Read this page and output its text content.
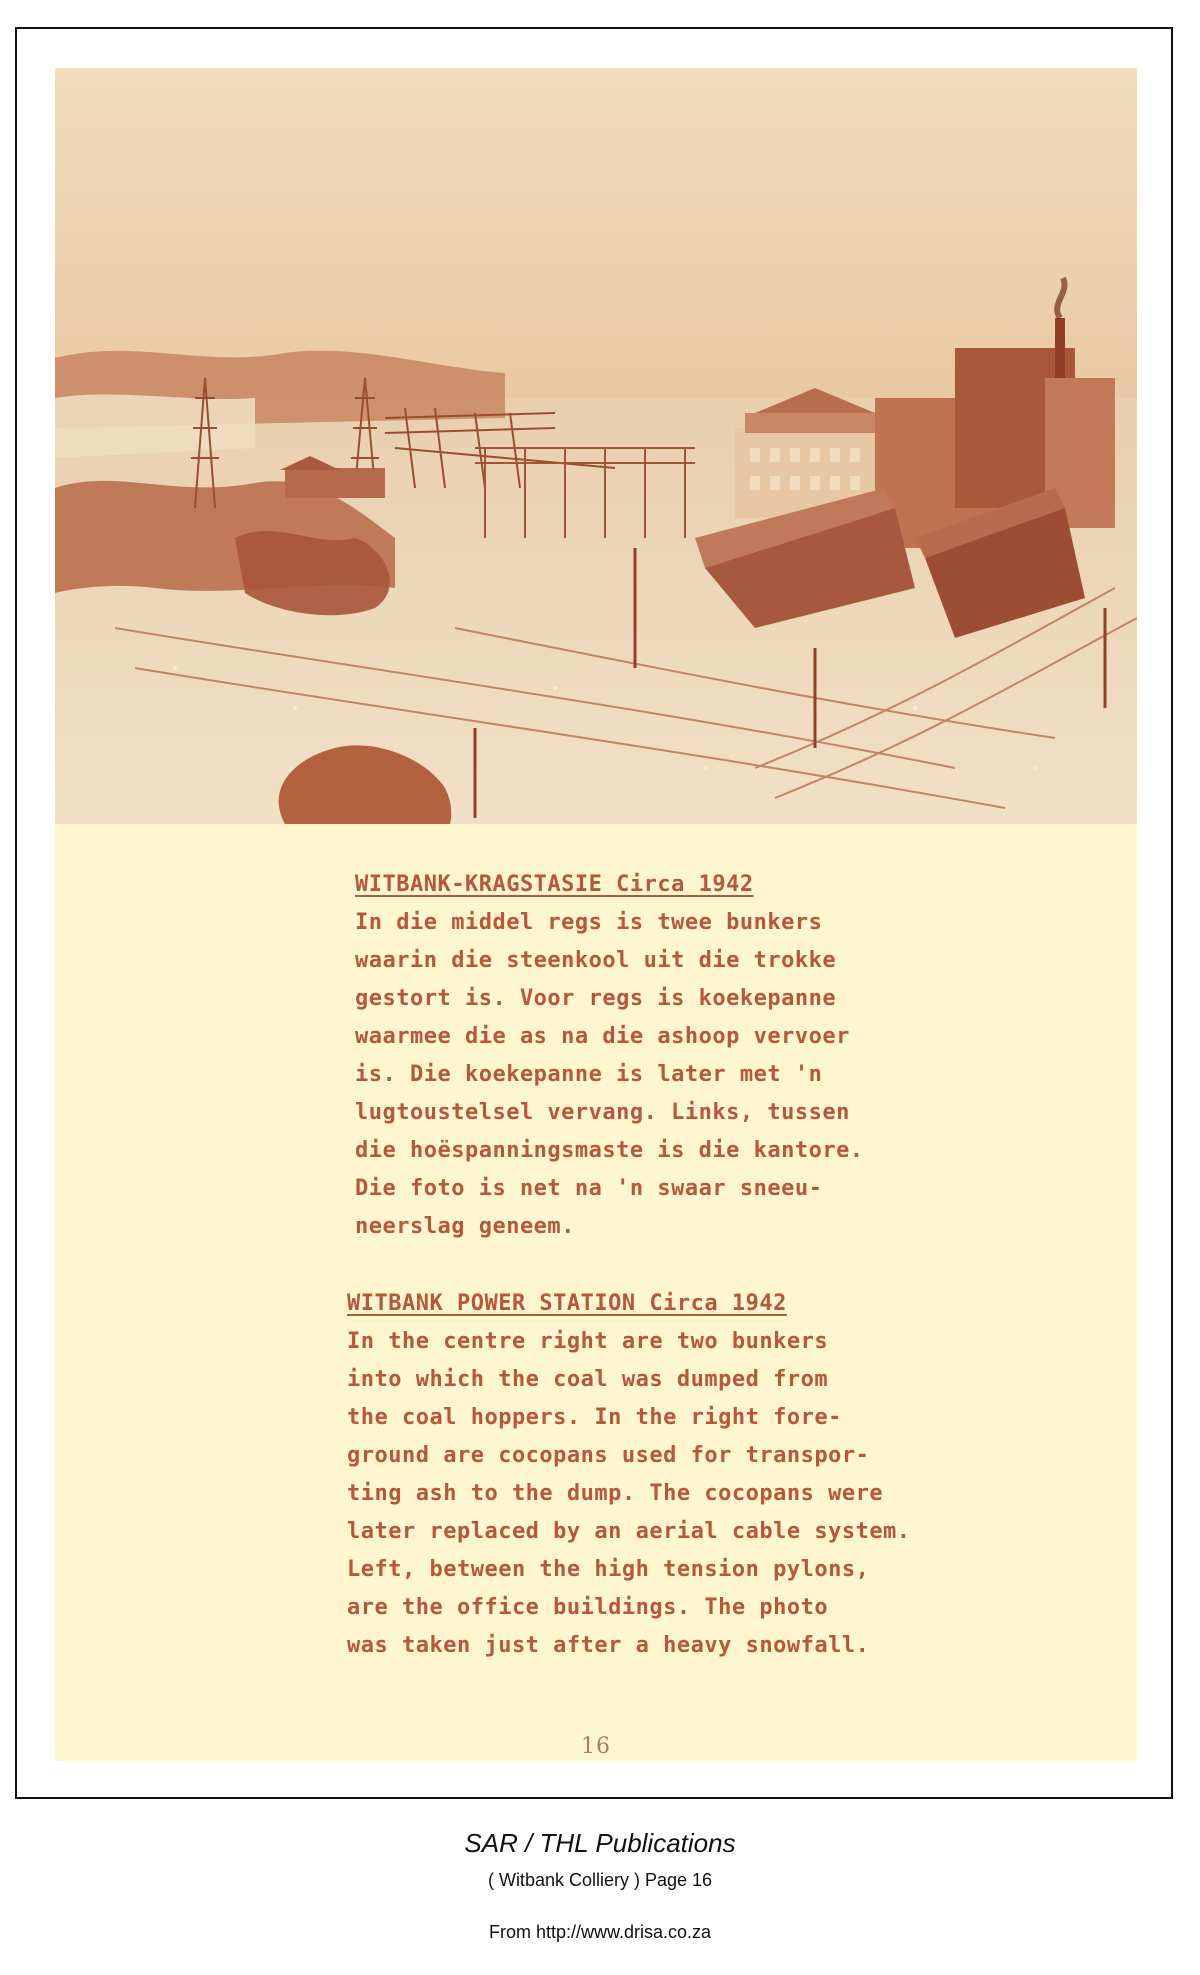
WITBANK-KRAGSTASIE Circa 1942
In die middel regs is twee bunkers
waarin die steenkool uit die trokke
gestort is. Voor regs is koekepanne
waarmee die as na die ashoop vervoer
is. Die koekepanne is later met 'n
lugtoustelsel vervang. Links, tussen
die hoëspanningsmaste is die kantore.
Die foto is net na 'n swaar sneeu-
neerslag geneem.
WITBANK POWER STATION Circa 1942
In the centre right are two bunkers
into which the coal was dumped from
the coal hoppers. In the right fore-
ground are cocopans used for transpor-
ting ash to the dump. The cocopans were
later replaced by an aerial cable system.
Left, between the high tension pylons,
are the office buildings. The photo
was taken just after a heavy snowfall.
16
SAR / THL Publications
( Witbank Colliery ) Page 16
From http://www.drisa.co.za
